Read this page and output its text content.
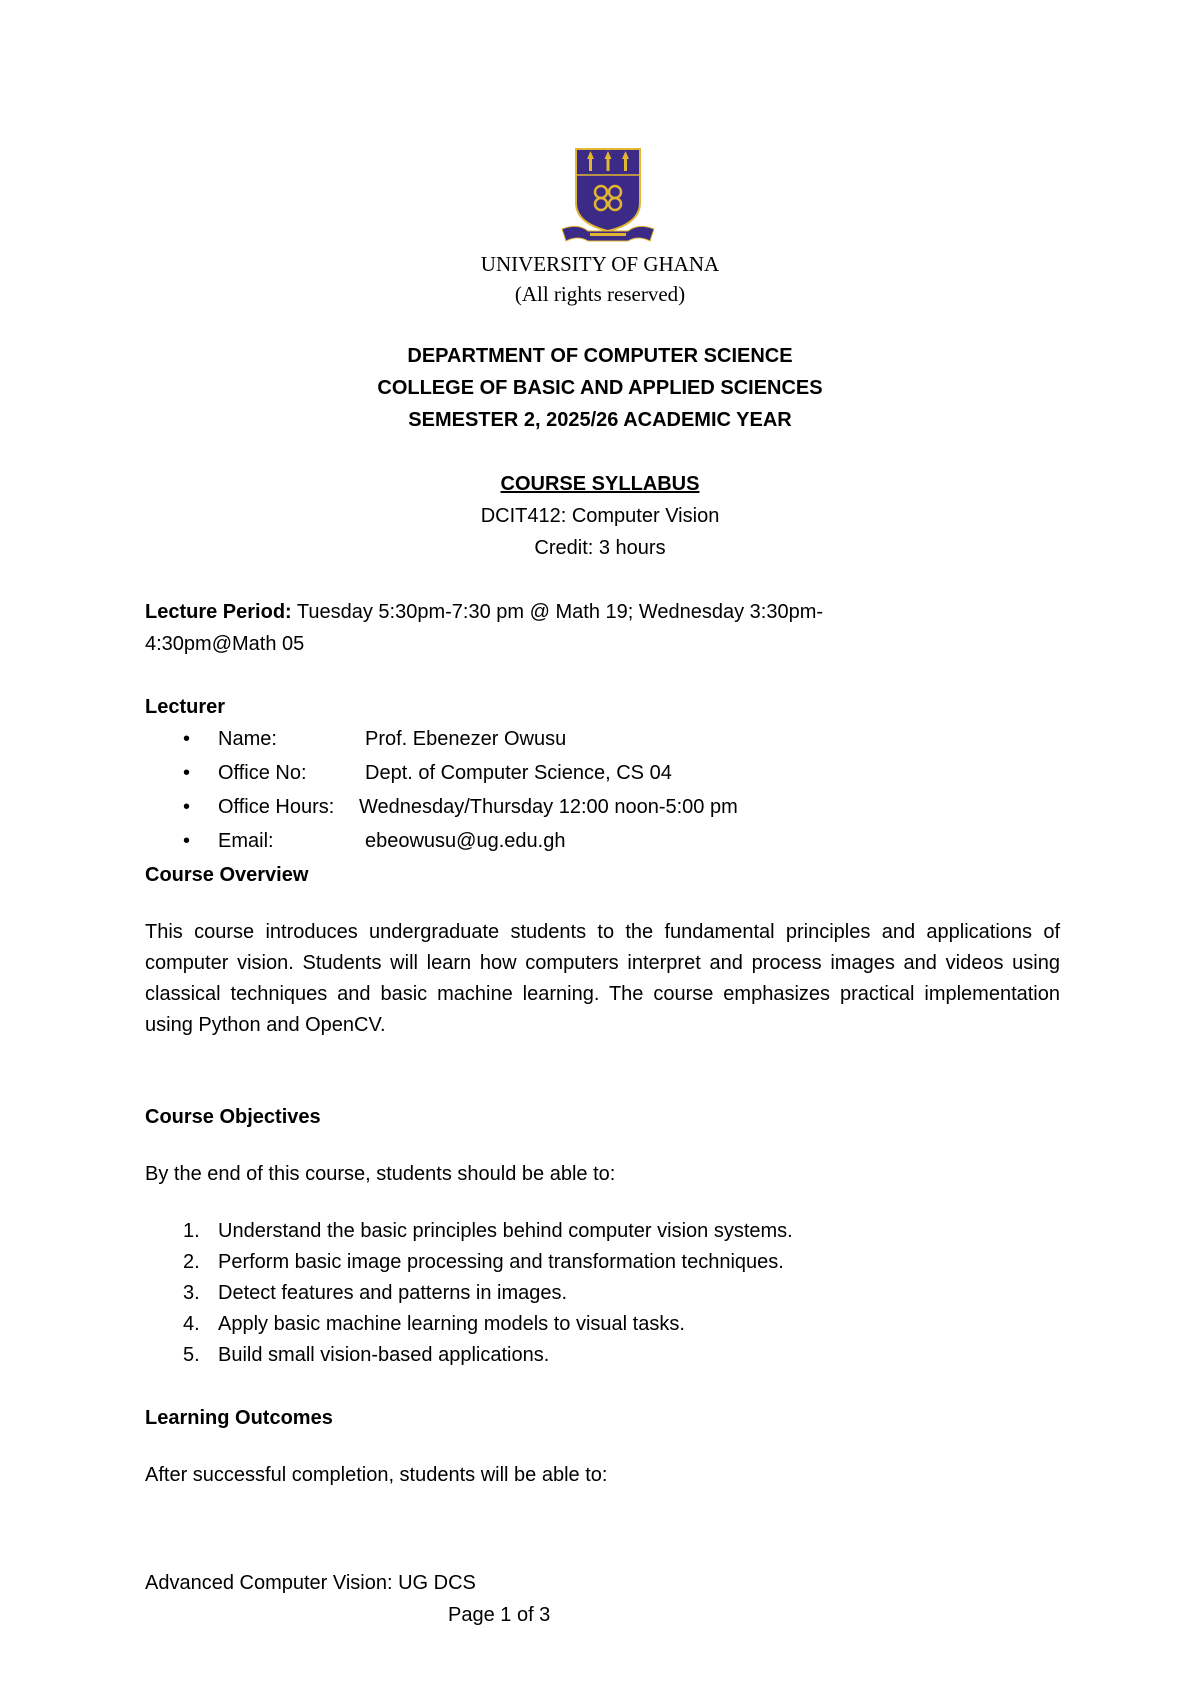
UNIVERSITY OF GHANA
(All rights reserved)
DEPARTMENT OF COMPUTER SCIENCE
COLLEGE OF BASIC AND APPLIED SCIENCES
SEMESTER 2, 2025/26 ACADEMIC YEAR
COURSE SYLLABUS
DCIT412: Computer Vision
Credit: 3 hours
Lecture Period: Tuesday 5:30pm-7:30 pm @ Math 19; Wednesday 3:30pm-
4:30pm@Math 05
Lecturer
• Name:	Prof. Ebenezer Owusu
• Office No:	Dept. of Computer Science, CS 04
• Office Hours: Wednesday/Thursday 12:00 noon-5:00 pm
• Email:	ebeowusu@ug.edu.gh
Course Overview
This course introduces undergraduate students to the fundamental principles and applications of computer vision. Students will learn how computers interpret and process images and videos using classical techniques and basic machine learning. The course emphasizes practical implementation using Python and OpenCV.
Course Objectives
By the end of this course, students should be able to:
1. Understand the basic principles behind computer vision systems.
2. Perform basic image processing and transformation techniques.
3. Detect features and patterns in images.
4. Apply basic machine learning models to visual tasks.
5. Build small vision-based applications.
Learning Outcomes
After successful completion, students will be able to:
Advanced Computer Vision: UG DCS
Page 1 of 3
